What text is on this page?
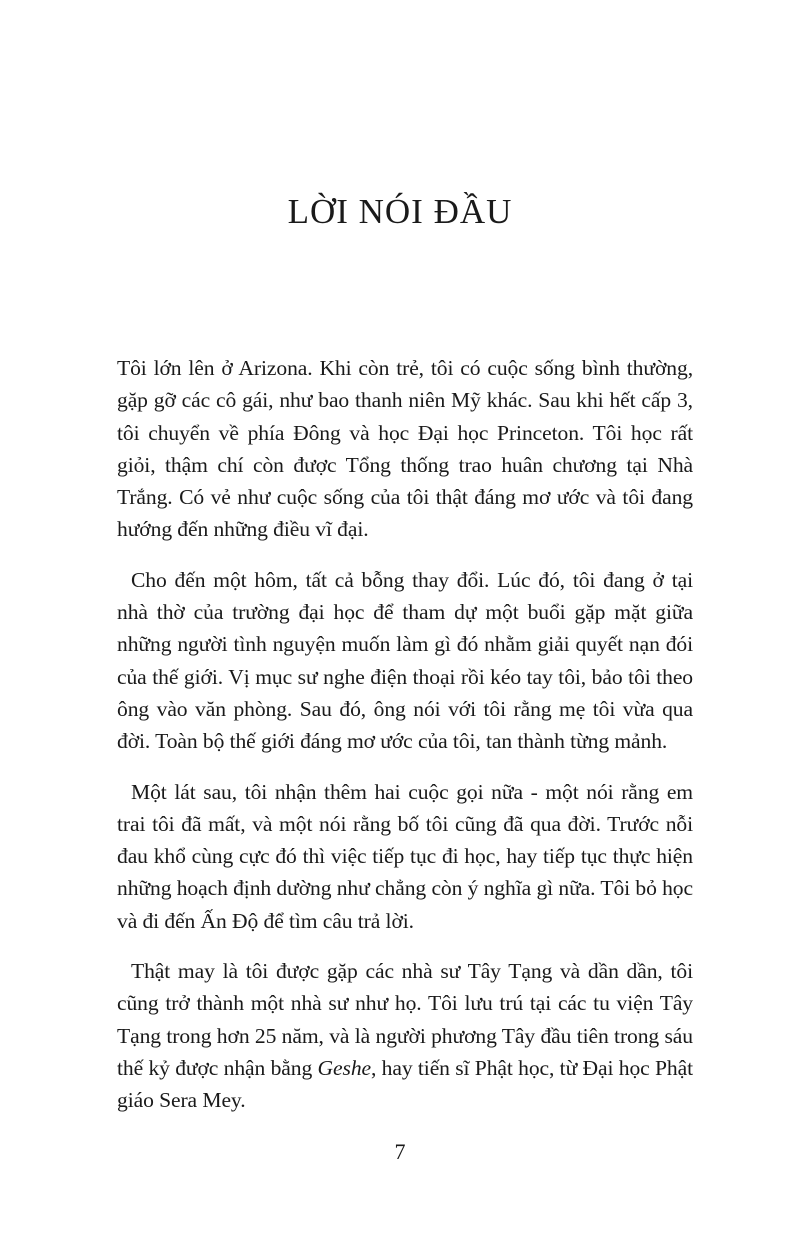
LỜI NÓI ĐẦU

Tôi lớn lên ở Arizona. Khi còn trẻ, tôi có cuộc sống bình thường, gặp gỡ các cô gái, như bao thanh niên Mỹ khác. Sau khi hết cấp 3, tôi chuyển về phía Đông và học Đại học Princeton. Tôi học rất giỏi, thậm chí còn được Tổng thống trao huân chương tại Nhà Trắng. Có vẻ như cuộc sống của tôi thật đáng mơ ước và tôi đang hướng đến những điều vĩ đại.

Cho đến một hôm, tất cả bỗng thay đổi. Lúc đó, tôi đang ở tại nhà thờ của trường đại học để tham dự một buổi gặp mặt giữa những người tình nguyện muốn làm gì đó nhằm giải quyết nạn đói của thế giới. Vị mục sư nghe điện thoại rồi kéo tay tôi, bảo tôi theo ông vào văn phòng. Sau đó, ông nói với tôi rằng mẹ tôi vừa qua đời. Toàn bộ thế giới đáng mơ ước của tôi, tan thành từng mảnh.

Một lát sau, tôi nhận thêm hai cuộc gọi nữa - một nói rằng em trai tôi đã mất, và một nói rằng bố tôi cũng đã qua đời. Trước nỗi đau khổ cùng cực đó thì việc tiếp tục đi học, hay tiếp tục thực hiện những hoạch định dường như chẳng còn ý nghĩa gì nữa. Tôi bỏ học và đi đến Ấn Độ để tìm câu trả lời.

Thật may là tôi được gặp các nhà sư Tây Tạng và dần dần, tôi cũng trở thành một nhà sư như họ. Tôi lưu trú tại các tu viện Tây Tạng trong hơn 25 năm, và là người phương Tây đầu tiên trong sáu thế kỷ được nhận bằng Geshe, hay tiến sĩ Phật học, từ Đại học Phật giáo Sera Mey.

7
